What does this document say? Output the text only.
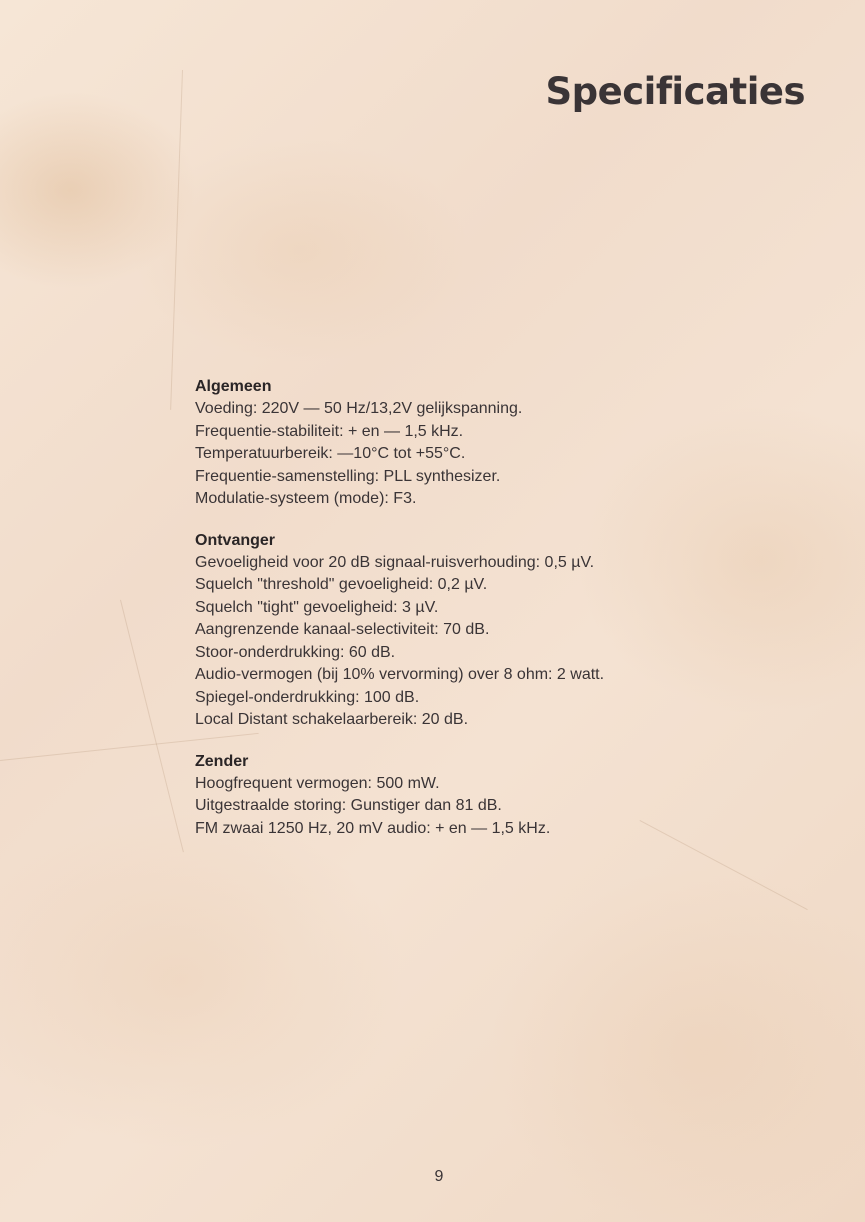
Specificaties
Algemeen
Voeding: 220V — 50 Hz/13,2V gelijkspanning.
Frequentie-stabiliteit: + en — 1,5 kHz.
Temperatuurbereik: —10°C tot +55°C.
Frequentie-samenstelling: PLL synthesizer.
Modulatie-systeem (mode): F3.
Ontvanger
Gevoeligheid voor 20 dB signaal-ruisverhouding: 0,5 µV.
Squelch "threshold" gevoeligheid: 0,2 µV.
Squelch "tight" gevoeligheid: 3 µV.
Aangrenzende kanaal-selectiviteit: 70 dB.
Stoor-onderdrukking: 60 dB.
Audio-vermogen (bij 10% vervorming) over 8 ohm: 2 watt.
Spiegel-onderdrukking: 100 dB.
Local Distant schakelaarbereik: 20 dB.
Zender
Hoogfrequent vermogen: 500 mW.
Uitgestraalde storing: Gunstiger dan 81 dB.
FM zwaai 1250 Hz, 20 mV audio: + en — 1,5 kHz.
9
